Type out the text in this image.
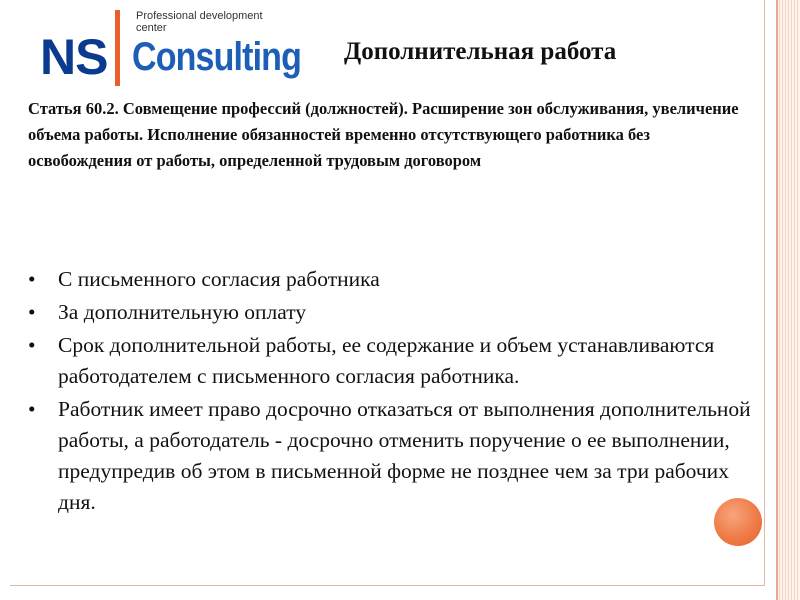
Professional development center
NS Consulting Дополнительная работа
Статья 60.2. Совмещение профессий (должностей). Расширение зон обслуживания, увеличение объема работы. Исполнение обязанностей временно отсутствующего работника без освобождения от работы, определенной трудовым договором
•	С письменного согласия работника
•	За дополнительную оплату
•	Срок дополнительной работы, ее содержание и объем устанавливаются работодателем с письменного согласия работника.
•	Работник имеет право досрочно отказаться от выполнения дополнительной работы, а работодатель - досрочно отменить поручение о ее выполнении, предупредив об этом в письменной форме не позднее чем за три рабочих дня.
